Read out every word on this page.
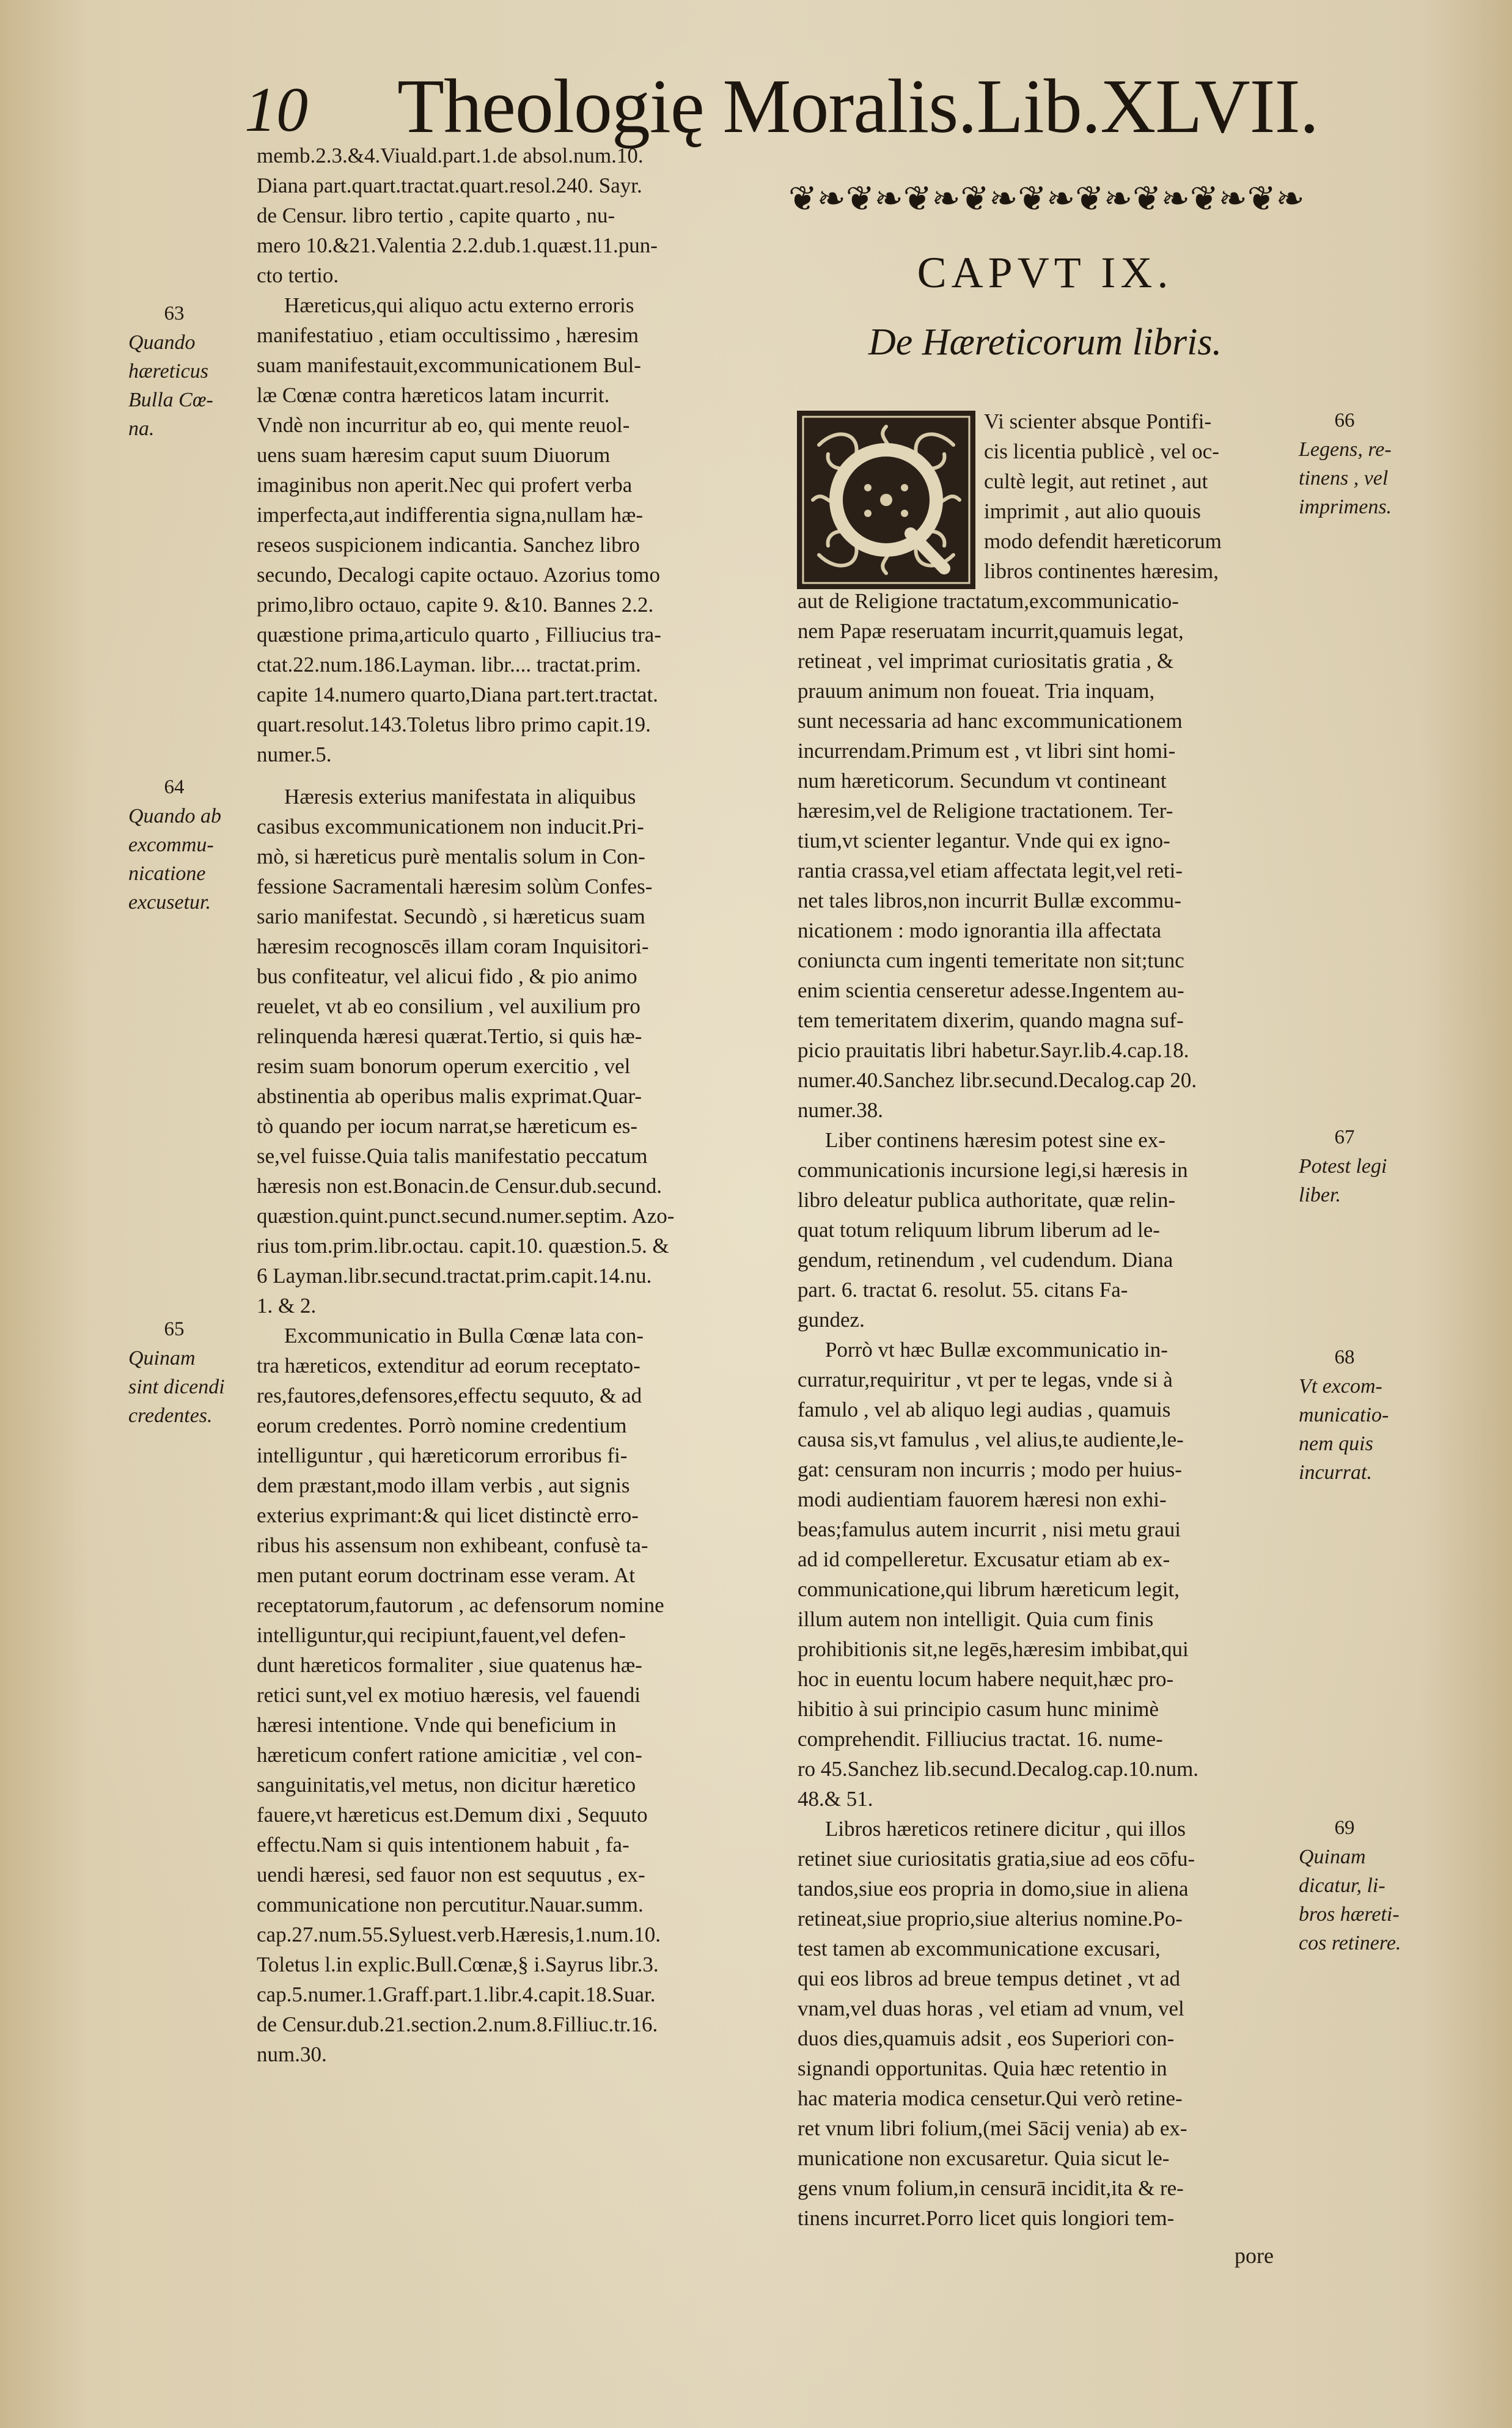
10 Theologię Moralis.Lib.XLVII.

memb.2.3.&4.Viuald.part.1.de absol.num.10.

Diana part.quart.tractat.quart.resol.240. Sayr.

de Censur. libro tertio , capite quarto , nu-

mero 10.&21.Valentia 2.2.dub.1.quæst.11.pun-

cto tertio.

Hæreticus,qui aliquo actu externo erroris

manifestatiuo , etiam occultissimo , hæresim

suam manifestauit,excommunicationem Bul-

læ Cœnæ contra hæreticos latam incurrit.

Vndè non incurritur ab eo, qui mente reuol-

uens suam hæresim caput suum Diuorum

imaginibus non aperit.Nec qui profert verba

imperfecta,aut indifferentia signa,nullam hæ-

reseos suspicionem indicantia. Sanchez libro

secundo, Decalogi capite octauo. Azorius tomo

primo,libro octauo, capite 9. &10. Bannes 2.2.

quæstione prima,articulo quarto , Filliucius tra-

ctat.22.num.186.Layman. libr.... tractat.prim.

capite 14.numero quarto,Diana part.tert.tractat.

quart.resolut.143.Toletus libro primo capit.19.

numer.5.

Hæresis exterius manifestata in aliquibus

casibus excommunicationem non inducit.Pri-

mò, si hæreticus purè mentalis solum in Con-

fessione Sacramentali hæresim solùm Confes-

sario manifestat. Secundò , si hæreticus suam

hæresim recognoscēs illam coram Inquisitori-

bus confiteatur, vel alicui fido , & pio animo

reuelet, vt ab eo consilium , vel auxilium pro

relinquenda hæresi quærat.Tertio, si quis hæ-

resim suam bonorum operum exercitio , vel

abstinentia ab operibus malis exprimat.Quar-

tò quando per iocum narrat,se hæreticum es-

se,vel fuisse.Quia talis manifestatio peccatum

hæresis non est.Bonacin.de Censur.dub.secund.

quæstion.quint.punct.secund.numer.septim. Azo-

rius tom.prim.libr.octau. capit.10. quæstion.5. &

6 Layman.libr.secund.tractat.prim.capit.14.nu.

1. & 2.

Excommunicatio in Bulla Cœnæ lata con-

tra hæreticos, extenditur ad eorum receptato-

res,fautores,defensores,effectu sequuto, & ad

eorum credentes. Porrò nomine credentium

intelliguntur , qui hæreticorum erroribus fi-

dem præstant,modo illam verbis , aut signis

exterius exprimant:& qui licet distinctè erro-

ribus his assensum non exhibeant, confusè ta-

men putant eorum doctrinam esse veram. At

receptatorum,fautorum , ac defensorum nomine

intelliguntur,qui recipiunt,fauent,vel defen-

dunt hæreticos formaliter , siue quatenus hæ-

retici sunt,vel ex motiuo hæresis, vel fauendi

hæresi intentione. Vnde qui beneficium in

hæreticum confert ratione amicitiæ , vel con-

sanguinitatis,vel metus, non dicitur hæretico

fauere,vt hæreticus est.Demum dixi , Sequuto

effectu.Nam si quis intentionem habuit , fa-

uendi hæresi, sed fauor non est sequutus , ex-

communicatione non percutitur.Nauar.summ.

cap.27.num.55.Syluest.verb.Hæresis,1.num.10.

Toletus l.in explic.Bull.Cœnæ,§ i.Sayrus libr.3.

cap.5.numer.1.Graff.part.1.libr.4.capit.18.Suar.

de Censur.dub.21.section.2.num.8.Filliuc.tr.16.

num.30.

63
Quando
hæreticus
Bulla Cœ-
na.
64
Quando ab
excommu-
nicatione
excusetur.
65
Quinam
sint dicendi
credentes.
❦ ❧ ❦ ❧ ❦ ❧ ❦ ❧ ❦ ❧ ❦ ❧ ❦ ❧ ❦ ❧ ❦ ❧
CAPVT IX.
De Hæreticorum libris.

Vi scienter absque Pontifi-

cis licentia publicè , vel oc-

cultè legit, aut retinet , aut

imprimit , aut alio quouis

modo defendit hæreticorum

libros continentes hæresim,

aut de Religione tractatum,excommunicatio-

nem Papæ reseruatam incurrit,quamuis legat,

retineat , vel imprimat curiositatis gratia , &

prauum animum non foueat. Tria inquam,

sunt necessaria ad hanc excommunicationem

incurrendam.Primum est , vt libri sint homi-

num hæreticorum. Secundum vt contineant

hæresim,vel de Religione tractationem. Ter-

tium,vt scienter legantur. Vnde qui ex igno-

rantia crassa,vel etiam affectata legit,vel reti-

net tales libros,non incurrit Bullæ excommu-

nicationem : modo ignorantia illa affectata

coniuncta cum ingenti temeritate non sit;tunc

enim scientia censeretur adesse.Ingentem au-

tem temeritatem dixerim, quando magna suf-

picio prauitatis libri habetur.Sayr.lib.4.cap.18.

numer.40.Sanchez libr.secund.Decalog.cap 20.

numer.38.

Liber continens hæresim potest sine ex-

communicationis incursione legi,si hæresis in

libro deleatur publica authoritate, quæ relin-

quat totum reliquum librum liberum ad le-

gendum, retinendum , vel cudendum. Diana

part. 6. tractat 6. resolut. 55. citans Fa-

gundez.

Porrò vt hæc Bullæ excommunicatio in-

curratur,requiritur , vt per te legas, vnde si à

famulo , vel ab aliquo legi audias , quamuis

causa sis,vt famulus , vel alius,te audiente,le-

gat: censuram non incurris ; modo per huius-

modi audientiam fauorem hæresi non exhi-

beas;famulus autem incurrit , nisi metu graui

ad id compelleretur. Excusatur etiam ab ex-

communicatione,qui librum hæreticum legit,

illum autem non intelligit. Quia cum finis

prohibitionis sit,ne legēs,hæresim imbibat,qui

hoc in euentu locum habere nequit,hæc pro-

hibitio à sui principio casum hunc minimè

comprehendit. Filliucius tractat. 16. nume-

ro 45.Sanchez lib.secund.Decalog.cap.10.num.

48.& 51.

Libros hæreticos retinere dicitur , qui illos

retinet siue curiositatis gratia,siue ad eos cōfu-

tandos,siue eos propria in domo,siue in aliena

retineat,siue proprio,siue alterius nomine.Po-

test tamen ab excommunicatione excusari,

qui eos libros ad breue tempus detinet , vt ad

vnam,vel duas horas , vel etiam ad vnum, vel

duos dies,quamuis adsit , eos Superiori con-

signandi opportunitas. Quia hæc retentio in

hac materia modica censetur.Qui verò retine-

ret vnum libri folium,(mei Sācij venia) ab ex-

municatione non excusaretur. Quia sicut le-

gens vnum folium,in censurā incidit,ita & re-

tinens incurret.Porro licet quis longiori tem-

66
Legens, re-
tinens , vel
imprimens.
67
Potest legi
liber.
68
Vt excom-
municatio-
nem quis
incurrat.
69
Quinam
dicatur, li-
bros hæreti-
cos retinere.
pore
